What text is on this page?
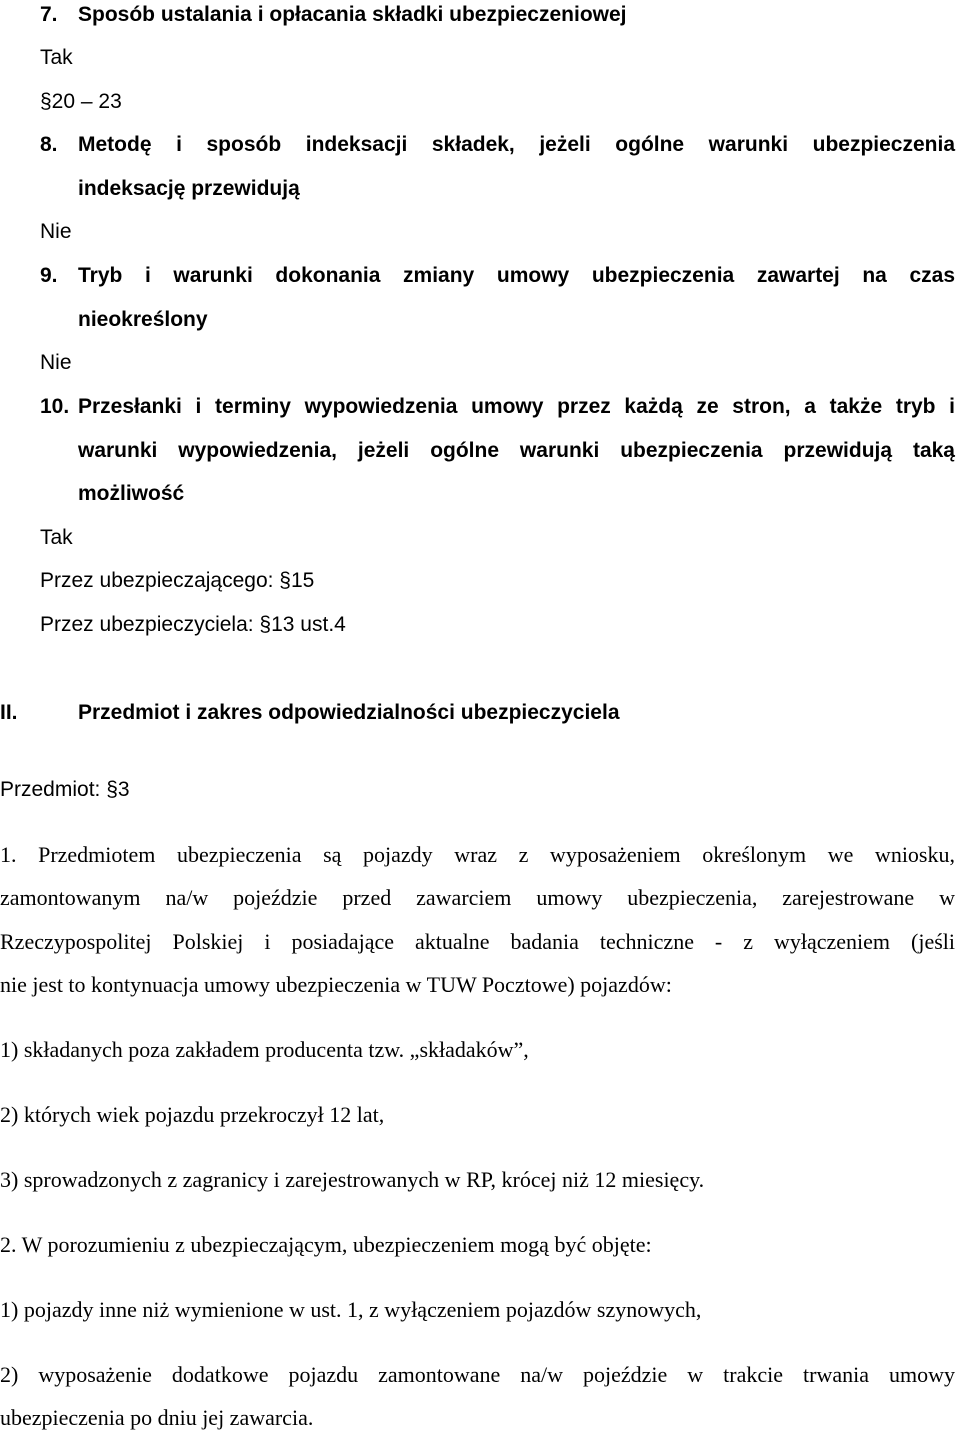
7. Sposób ustalania i opłacania składki ubezpieczeniowej
Tak
§20 – 23
8. Metodę i sposób indeksacji składek, jeżeli ogólne warunki ubezpieczenia
indeksację przewidują
Nie
9. Tryb i warunki dokonania zmiany umowy ubezpieczenia zawartej na czas
nieokreślony
Nie
10. Przesłanki i terminy wypowiedzenia umowy przez każdą ze stron, a także tryb i
warunki wypowiedzenia, jeżeli ogólne warunki ubezpieczenia przewidują taką
możliwość
Tak
Przez ubezpieczającego: §15
Przez ubezpieczyciela: §13 ust.4
II.	Przedmiot i zakres odpowiedzialności ubezpieczyciela
Przedmiot: §3
1. Przedmiotem ubezpieczenia są pojazdy wraz z wyposażeniem określonym we wniosku,
zamontowanym na/w pojeździe przed zawarciem umowy ubezpieczenia, zarejestrowane w
Rzeczypospolitej Polskiej i posiadające aktualne badania techniczne - z wyłączeniem (jeśli
nie jest to kontynuacja umowy ubezpieczenia w TUW Pocztowe) pojazdów:
1) składanych poza zakładem producenta tzw. „składaków”,
2) których wiek pojazdu przekroczył 12 lat,
3) sprowadzonych z zagranicy i zarejestrowanych w RP, krócej niż 12 miesięcy.
2. W porozumieniu z ubezpieczającym, ubezpieczeniem mogą być objęte:
1) pojazdy inne niż wymienione w ust. 1, z wyłączeniem pojazdów szynowych,
2) wyposażenie dodatkowe pojazdu zamontowane na/w pojeździe w trakcie trwania umowy
ubezpieczenia po dniu jej zawarcia.
